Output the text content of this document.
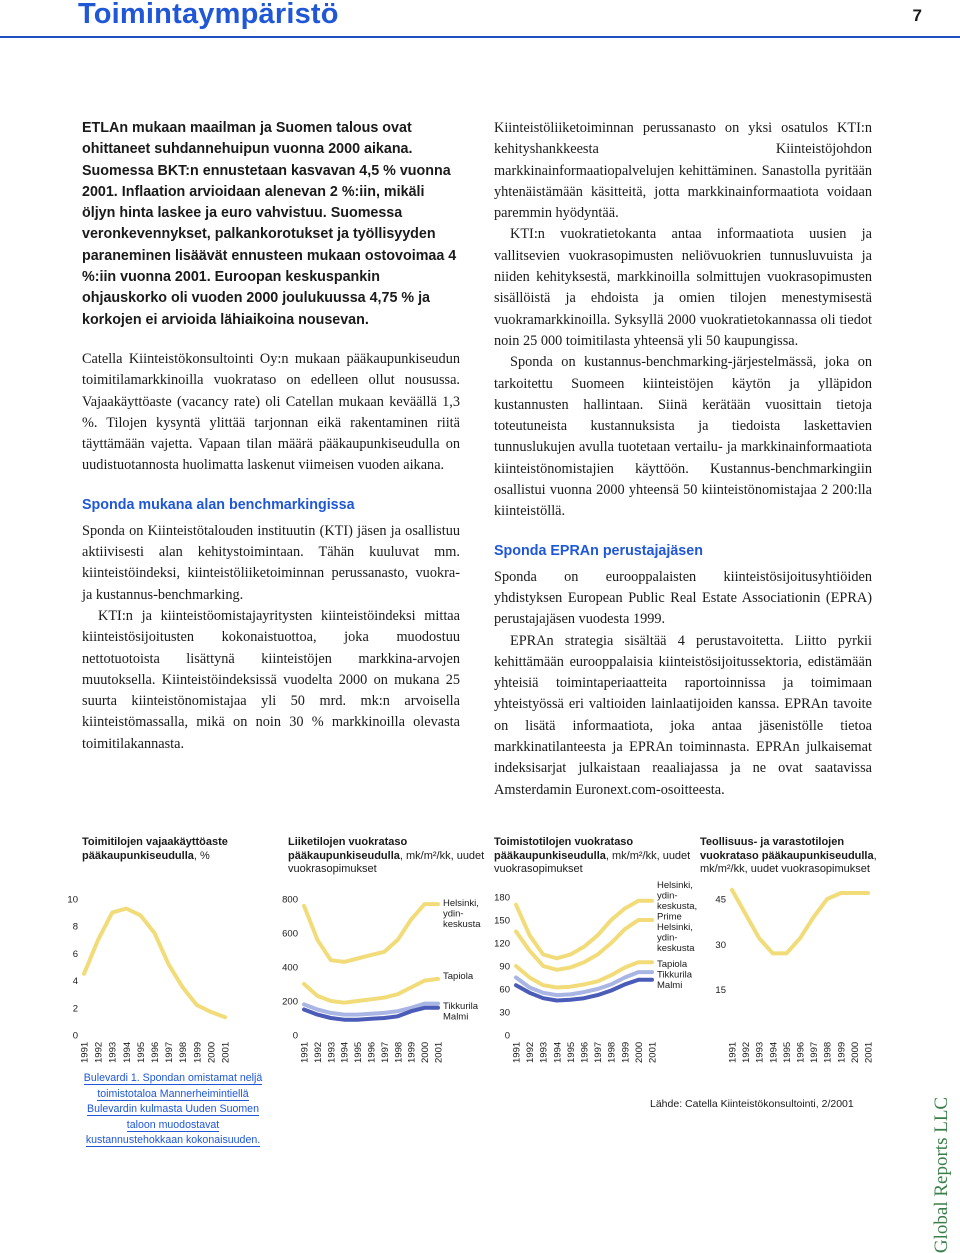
Toimintaympäristö	7

ETLAn mukaan maailman ja Suomen talous ovat ohittaneet suhdannehuipun vuonna 2000 aikana. Suomessa BKT:n ennustetaan kasvavan 4,5 % vuonna 2001. Inflaation arvioidaan alenevan 2 %:iin, mikäli öljyn hinta laskee ja euro vahvistuu. Suomessa veronkevennykset, palkankorotukset ja työllisyyden paraneminen lisäävät ennusteen mukaan ostovoimaa 4 %:iin vuonna 2001. Euroopan keskuspankin ohjauskorko oli vuoden 2000 joulukuussa 4,75 % ja korkojen ei arvioida lähiaikoina nousevan.

Catella Kiinteistökonsultointi Oy:n mukaan pääkaupunkiseudun toimitilamarkkinoilla vuokrataso on edelleen ollut nousussa. Vajaakäyttöaste (vacancy rate) oli Catellan mukaan keväällä 1,3 %. Tilojen kysyntä ylittää tarjonnan eikä rakentaminen riitä täyttämään vajetta. Vapaan tilan määrä pääkaupunkiseudulla on uudistuotannosta huolimatta laskenut viimeisen vuoden aikana.

Sponda mukana alan benchmarkingissa

Sponda on Kiinteistötalouden instituutin (KTI) jäsen ja osallistuu aktiivisesti alan kehitystoimintaan. Tähän kuuluvat mm. kiinteistöindeksi, kiinteistöliiketoiminnan perussanasto, vuokra- ja kustannus-benchmarking.

KTI:n ja kiinteistöomistajayritysten kiinteistöindeksi mittaa kiinteistösijoitusten kokonaistuottoa, joka muodostuu nettotuotoista lisättynä kiinteistöjen markkina-arvojen muutoksella. Kiinteistöindeksissä vuodelta 2000 on mukana 25 suurta kiinteistönomistajaa yli 50 mrd. mk:n arvoisella kiinteistömassalla, mikä on noin 30 % markkinoilla olevasta toimitilakannasta.

Kiinteistöliiketoiminnan perussanasto on yksi osatulos KTI:n kehityshankkeesta Kiinteistöjohdon markkinainformaatiopalvelujen kehittäminen. Sanastolla pyritään yhtenäistämään käsitteitä, jotta markkinainformaatiota voidaan paremmin hyödyntää.

KTI:n vuokratietokanta antaa informaatiota uusien ja vallitsevien vuokrasopimusten neliövuokrien tunnusluvuista ja niiden kehityksestä, markkinoilla solmittujen vuokrasopimusten sisällöistä ja ehdoista ja omien tilojen menestymisestä vuokramarkkinoilla. Syksyllä 2000 vuokratietokannassa oli tiedot noin 25 000 toimitilasta yhteensä yli 50 kaupungissa.

Sponda on kustannus-benchmarking-järjestelmässä, joka on tarkoitettu Suomeen kiinteistöjen käytön ja ylläpidon kustannusten hallintaan. Siinä kerätään vuosittain tietoja toteutuneista kustannuksista ja tiedoista laskettavien tunnuslukujen avulla tuotetaan vertailu- ja markkinainformaatiota kiinteistönomistajien käyttöön. Kustannus-benchmarkingiin osallistui vuonna 2000 yhteensä 50 kiinteistönomistajaa 2 200:lla kiinteistöllä.

Sponda EPRAn perustajajäsen

Sponda on eurooppalaisten kiinteistösijoitusyhtiöiden yhdistyksen European Public Real Estate Associationin (EPRA) perustajajäsen vuodesta 1999.

EPRAn strategia sisältää 4 perustavoitetta. Liitto pyrkii kehittämään eurooppalaisia kiinteistösijoitussektoria, edistämään yhteisiä toimintaperiaatteita raportoinnissa ja toimimaan yhteistyössä eri valtioiden lainlaatijoiden kanssa. EPRAn tavoite on lisätä informaatiota, joka antaa jäsenistölle tietoa markkinatilanteesta ja EPRAn toiminnasta. EPRAn julkaisemat indeksisarjat julkaistaan reaaliajassa ja ne ovat saatavissa Amsterdamin Euronext.com-osoitteesta.

Toimitilojen vajaakäyttöaste pääkaupunkiseudulla, %
0
2
4
6
8
10
1991 1992 1993 1994 1995 1996 1997 1998 1999 2000 2001
Liiketilojen vuokrataso pääkaupunkiseudulla, mk/m²/kk, uudet vuokrasopimukset
0
200
400
600
800
1991 1992 1993 1994 1995 1996 1997 1998 1999 2000 2001
Helsinki,
ydin-
keskusta
Tapiola
Tikkurila
Malmi
Toimistotilojen vuokrataso pääkaupunkiseudulla, mk/m²/kk, uudet vuokrasopimukset
0
30
60
90
120
150
180
1991 1992 1993 1994 1995 1996 1997 1998 1999 2000 2001
Helsinki,
ydin-
keskusta,
Prime
Helsinki,
ydin-
keskusta
Tapiola
Tikkurila
Malmi
Teollisuus- ja varastotilojen vuokrataso pääkaupunkiseudulla, mk/m²/kk, uudet vuokrasopimukset
15
30
45
1991 1992 1993 1994 1995 1996 1997 1998 1999 2000 2001
Bulevardi 1. Spondan omistamat neljä toimistotaloa Mannerheimintiellä Bulevardin kulmasta Uuden Suomen taloon muodostavat kustannustehokkaan kokonaisuuden.
Lähde: Catella Kiinteistökonsultointi, 2/2001	Global Reports LLC
